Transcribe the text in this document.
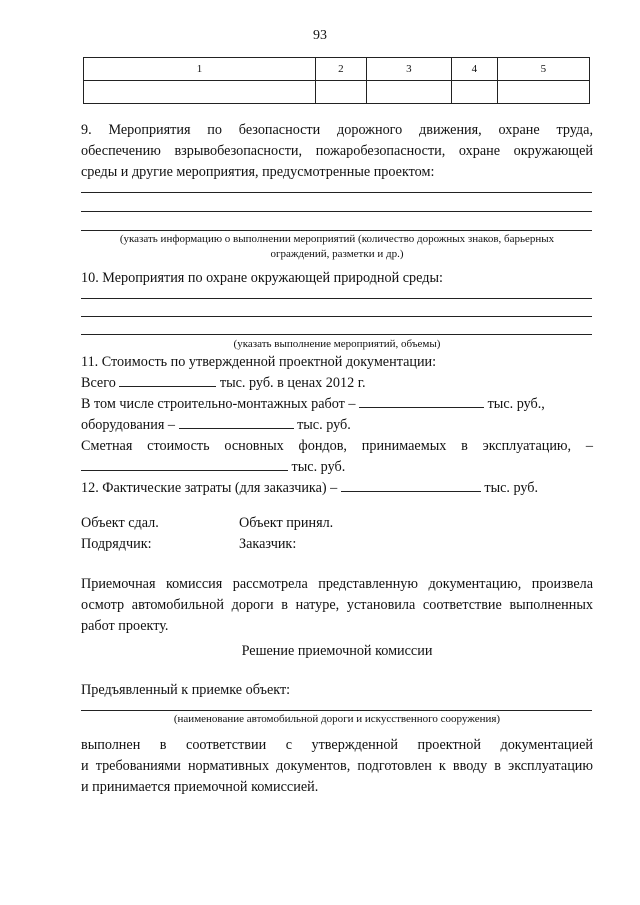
93
1	2	3	4	5

9. Мероприятия по безопасности дорожного движения, охране труда,
обеспечению взрывобезопасности, пожаробезопасности, охране окружающей
среды и другие мероприятия, предусмотренные проектом:
(указать информацию о выполнении мероприятий (количество дорожных знаков, барьерных
ограждений, разметки и др.)
10. Мероприятия по охране окружающей природной среды:
(указать выполнение мероприятий, объемы)
11. Стоимость по утвержденной проектной документации:
Всего	тыс. руб. в ценах 2012 г.
В том числе строительно-монтажных работ –	тыс. руб.,
оборудования –	тыс. руб.
Сметная стоимость основных фондов, принимаемых в эксплуатацию, –
тыс. руб.
12. Фактические затраты (для заказчика) –	тыс. руб.
Объект сдал.	Объект принял.
Подрядчик:	Заказчик:
Приемочная комиссия рассмотрела представленную документацию, произвела
осмотр автомобильной дороги в натуре, установила соответствие выполненных
работ проекту.
Решение приемочной комиссии
Предъявленный к приемке объект:
(наименование автомобильной дороги и искусственного сооружения)
выполнен в соответствии с утвержденной проектной документацией
и требованиями нормативных документов, подготовлен к вводу в эксплуатацию
и принимается приемочной комиссией.
